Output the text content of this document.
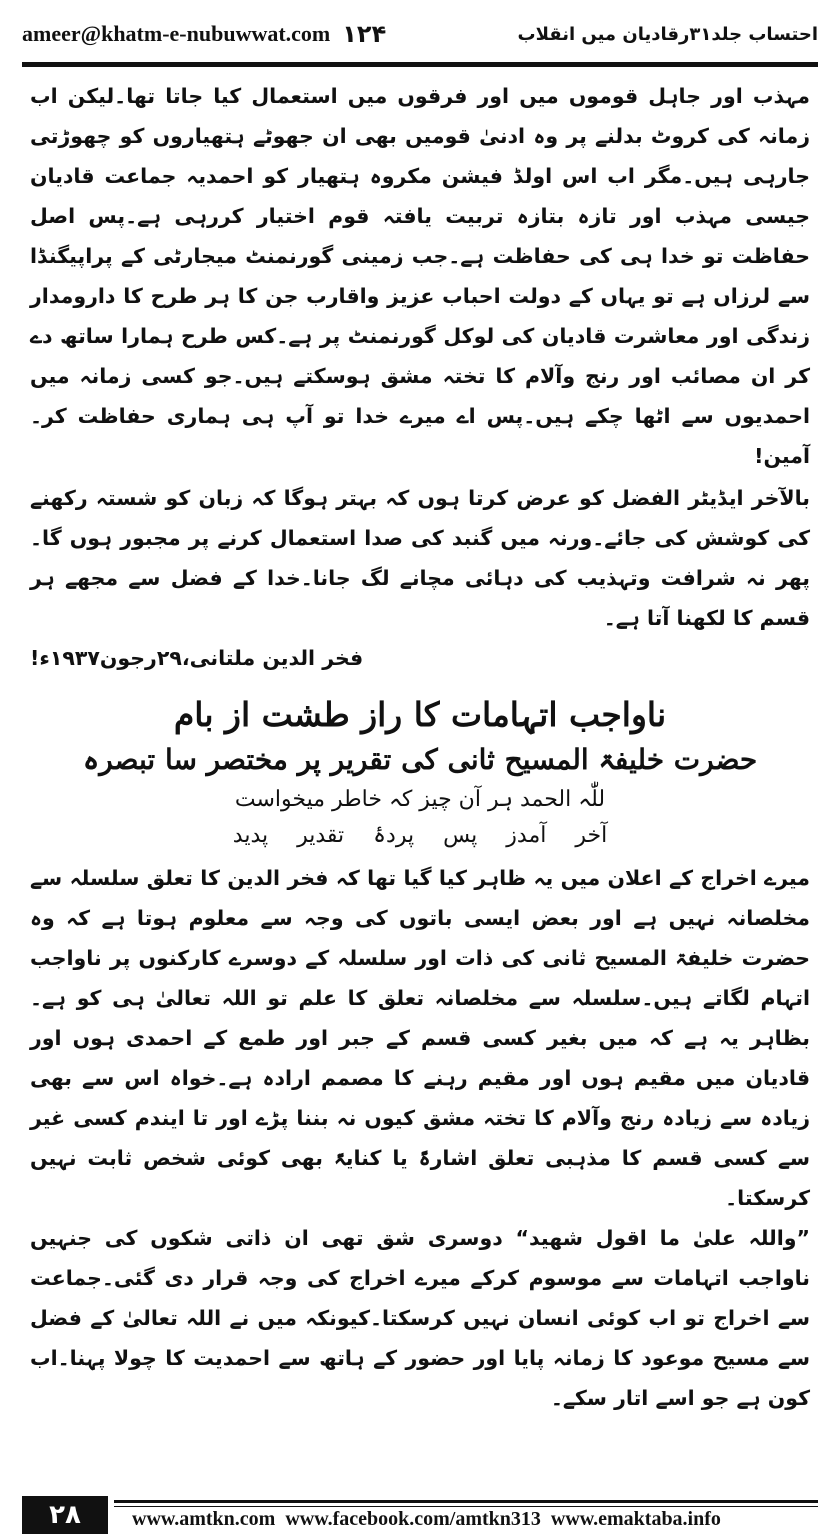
ameer@khatm-e-nubuwwat.com ۱۲۴	احتساب جلد۳۱رقادیان میں انقلاب

مہذب اور جاہل قوموں میں اور فرقوں میں استعمال کیا جاتا تھا۔لیکن اب زمانہ کی کروٹ بدلنے پر وہ ادنیٰ قومیں بھی ان جھوٹے ہتھیاروں کو چھوڑتی جارہی ہیں۔مگر اب اس اولڈ فیشن مکروہ ہتھیار کو احمدیہ جماعت قادیان جیسی مہذب اور تازہ بتازہ تربیت یافتہ قوم اختیار کررہی ہے۔پس اصل حفاظت تو خدا ہی کی حفاظت ہے۔جب زمینی گورنمنٹ میجارٹی کے پراپیگنڈا سے لرزاں ہے تو یہاں کے دولت احباب عزیز واقارب جن کا ہر طرح کا دارومدار زندگی اور معاشرت قادیان کی لوکل گورنمنٹ پر ہے۔کس طرح ہمارا ساتھ دے کر ان مصائب اور رنج وآلام کا تختہ مشق ہوسکتے ہیں۔جو کسی زمانہ میں احمدیوں سے اٹھا چکے ہیں۔پس اے میرے خدا تو آپ ہی ہماری حفاظت کر۔آمین!

بالآخر ایڈیٹر الفضل کو عرض کرتا ہوں کہ بہتر ہوگا کہ زبان کو شستہ رکھنے کی کوشش کی جائے۔ورنہ میں گنبد کی صدا استعمال کرنے پر مجبور ہوں گا۔پھر نہ شرافت وتہذیب کی دہائی مچانے لگ جانا۔خدا کے فضل سے مجھے ہر قسم کا لکھنا آتا ہے۔

فخر الدین ملتانی،۲۹رجون۱۹۳۷ء!
ناواجب اتہامات کا راز طشت از بام
حضرت خلیفۃ المسیح ثانی کی تقریر پر مختصر سا تبصرہ

للّٰہ الحمد ہر آن چیز کہ خاطر میخواست

آخر آمدز پس پردۂ تقدیر پدید

میرے اخراج کے اعلان میں یہ ظاہر کیا گیا تھا کہ فخر الدین کا تعلق سلسلہ سے مخلصانہ نہیں ہے اور بعض ایسی باتوں کی وجہ سے معلوم ہوتا ہے کہ وہ حضرت خلیفۃ المسیح ثانی کی ذات اور سلسلہ کے دوسرے کارکنوں پر ناواجب اتہام لگاتے ہیں۔سلسلہ سے مخلصانہ تعلق کا علم تو اللہ تعالیٰ ہی کو ہے۔بظاہر یہ ہے کہ میں بغیر کسی قسم کے جبر اور طمع کے احمدی ہوں اور قادیان میں مقیم ہوں اور مقیم رہنے کا مصمم ارادہ ہے۔خواہ اس سے بھی زیادہ سے زیادہ رنج وآلام کا تختہ مشق کیوں نہ بننا پڑے اور تا ایندم کسی غیر سے کسی قسم کا مذہبی تعلق اشارۃً یا کنایۃً بھی کوئی شخص ثابت نہیں کرسکتا۔

”واللہ علیٰ ما اقول شھید“ دوسری شق تھی ان ذاتی شکوں کی جنہیں ناواجب اتہامات سے موسوم کرکے میرے اخراج کی وجہ قرار دی گئی۔جماعت سے اخراج تو اب کوئی انسان نہیں کرسکتا۔کیونکہ میں نے اللہ تعالیٰ کے فضل سے مسیح موعود کا زمانہ پایا اور حضور کے ہاتھ سے احمدیت کا چولا پہنا۔اب کون ہے جو اسے اتار سکے۔

۲۸	www.amtkn.com www.facebook.com/amtkn313 www.emaktaba.info
